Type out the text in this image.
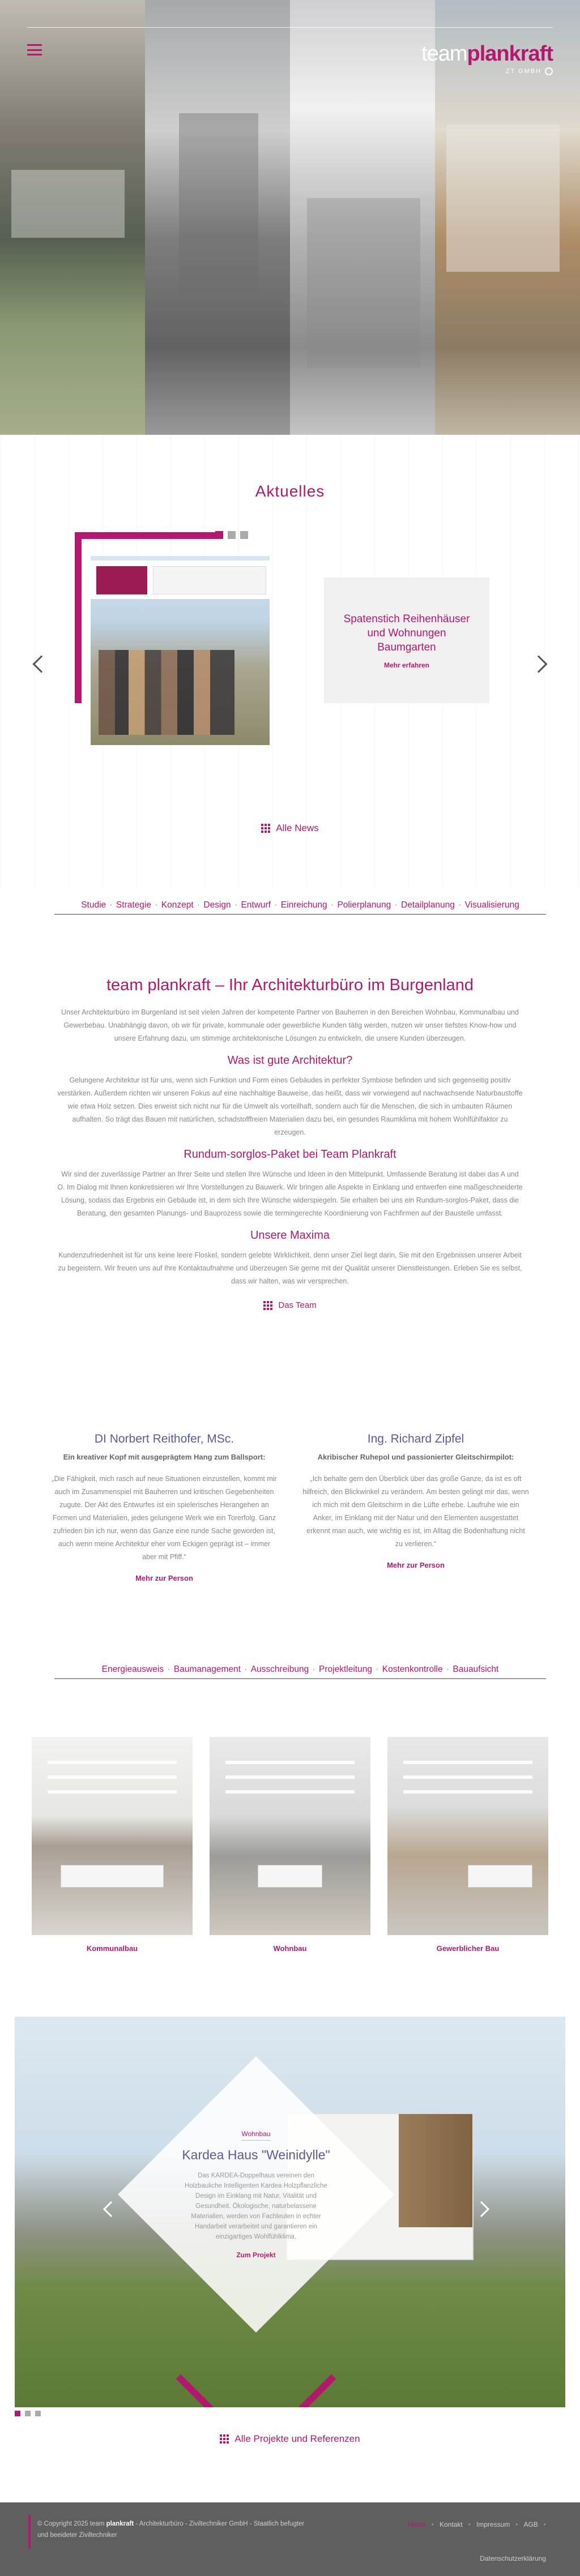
teamplankraft
ZT GMBH
Aktuelles
Spatenstich Reihenhäuser und Wohnungen Baumgarten
Mehr erfahren
Alle News
Studie · Strategie · Konzept · Design · Entwurf · Einreichung · Polierplanung · Detailplanung · Visualisierung
team plankraft – Ihr Architekturbüro im Burgenland

Unser Architekturbüro im Burgenland ist seit vielen Jahren der kompetente Partner von Bauherren in den Bereichen Wohnbau, Kommunalbau und Gewerbebau. Unabhängig davon, ob wir für private, kommunale oder gewerbliche Kunden tätig werden, nutzen wir unser tiefstes Know-how und unsere Erfahrung dazu, um stimmige architektonische Lösungen zu entwickeln, die unsere Kunden überzeugen.

Was ist gute Architektur?

Gelungene Architektur ist für uns, wenn sich Funktion und Form eines Gebäudes in perfekter Symbiose befinden und sich gegenseitig positiv verstärken. Außerdem richten wir unseren Fokus auf eine nachhaltige Bauweise, das heißt, dass wir vorwiegend auf nachwachsende Naturbaustoffe wie etwa Holz setzen. Dies erweist sich nicht nur für die Umwelt als vorteilhaft, sondern auch für die Menschen, die sich in umbauten Räumen aufhalten. So trägt das Bauen mit natürlichen, schadstofffreien Materialien dazu bei, ein gesundes Raumklima mit hohem Wohlfühlfaktor zu erzeugen.

Rundum-sorglos-Paket bei Team Plankraft

Wir sind der zuverlässige Partner an Ihrer Seite und stellen Ihre Wünsche und Ideen in den Mittelpunkt. Umfassende Beratung ist dabei das A und O. Im Dialog mit Ihnen konkretisieren wir Ihre Vorstellungen zu Bauwerk. Wir bringen alle Aspekte in Einklang und entwerfen eine maßgeschneiderte Lösung, sodass das Ergebnis ein Gebäude ist, in dem sich Ihre Wünsche widerspiegeln. Sie erhalten bei uns ein Rundum-sorglos-Paket, dass die Beratung, den gesamten Planungs- und Bauprozess sowie die termingerechte Koordinierung von Fachfirmen auf der Baustelle umfasst.

Unsere Maxima

Kundenzufriedenheit ist für uns keine leere Floskel, sondern gelebte Wirklichkeit, denn unser Ziel liegt darin, Sie mit den Ergebnissen unserer Arbeit zu begeistern. Wir freuen uns auf Ihre Kontaktaufnahme und überzeugen Sie gerne mit der Qualität unserer Dienstleistungen. Erleben Sie es selbst, dass wir halten, was wir versprechen.

Das Team
DI Norbert Reithofer, MSc.
Ein kreativer Kopf mit ausgeprägtem Hang zum Ballsport:
„Die Fähigkeit, mich rasch auf neue Situationen einzustellen, kommt mir auch im Zusammenspiel mit Bauherren und kritischen Gegebenheiten zugute. Der Akt des Entwurfes ist ein spielerisches Herangehen an Formen und Materialien, jedes gelungene Werk wie ein Torerfolg. Ganz zufrieden bin ich nur, wenn das Ganze eine runde Sache geworden ist, auch wenn meine Architektur eher vom Eckigen geprägt ist – immer aber mit Pfiff.“
Mehr zur Person
Ing. Richard Zipfel
Akribischer Ruhepol und passionierter Gleitschirmpilot:
„Ich behalte gern den Überblick über das große Ganze, da ist es oft hilfreich, den Blickwinkel zu verändern. Am besten gelingt mir das, wenn ich mich mit dem Gleitschirm in die Lüfte erhebe. Laufruhe wie ein Anker, im Einklang mit der Natur und den Elementen ausgestattet erkennt man auch, wie wichtig es ist, im Alltag die Bodenhaftung nicht zu verlieren.“
Mehr zur Person
Energieausweis · Baumanagement · Ausschreibung · Projektleitung · Kostenkontrolle · Bauaufsicht
Kommunalbau	Wohnbau	Gewerblicher Bau
Wohnbau
Kardea Haus "Weinidylle"
Das KARDEA-Doppelhaus vereinen den Holzbauliche Intelligenten Kardea Holzpflanzliche Design im Einklang mit Natur, Vitalität und Gesundheit. Ökologische, naturbelassene Materialien, werden von Fachleuten in echter Handarbeit verarbeitet und garantieren ein einzigartiges Wohlfühlklima.
Zum Projekt
Alle Projekte und Referenzen
© Copyright 2025 team plankraft - Architekturbüro - Ziviltechniker GmbH - Staatlich befugter und beeideter Ziviltechniker
Home • Kontakt • Impressum • AGB •
Datenschutzerklärung
